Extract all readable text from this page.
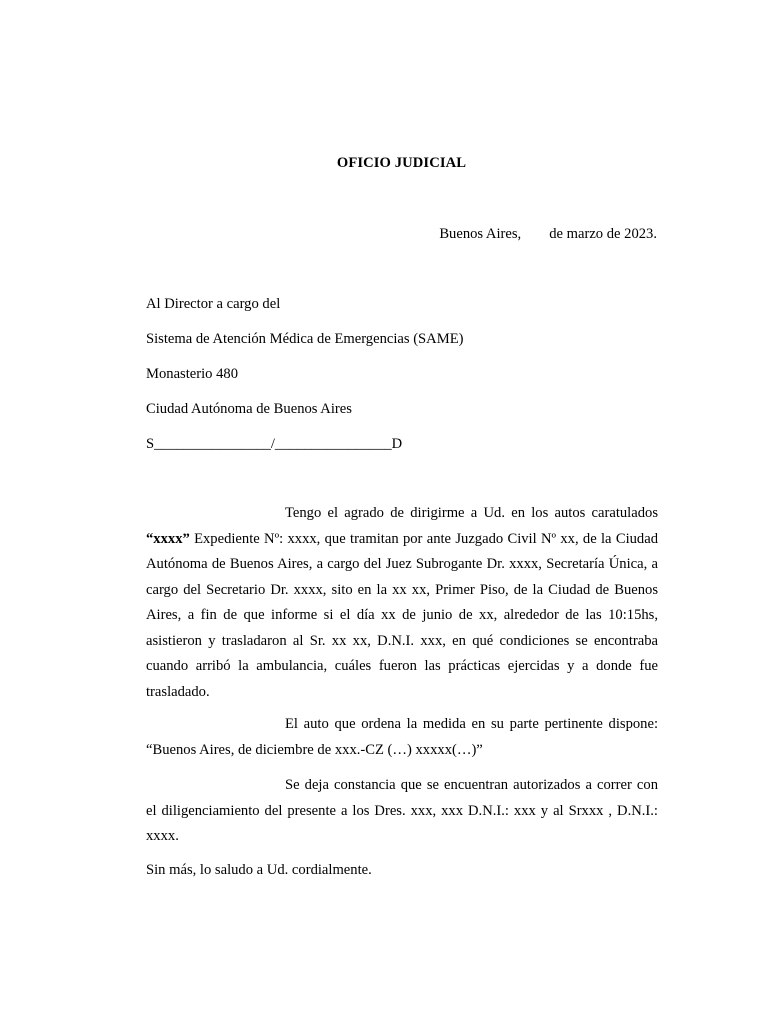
OFICIO JUDICIAL
Buenos Aires, de marzo de 2023.
Al Director a cargo del
Sistema de Atención Médica de Emergencias (SAME)
Monasterio 480
Ciudad Autónoma de Buenos Aires
S________________/________________D
Tengo el agrado de dirigirme a Ud. en los autos caratulados “xxxx” Expediente Nº: xxxx, que tramitan por ante Juzgado Civil Nº xx, de la Ciudad Autónoma de Buenos Aires, a cargo del Juez Subrogante Dr. xxxx, Secretaría Única, a cargo del Secretario Dr. xxxx, sito en la xx xx, Primer Piso, de la Ciudad de Buenos Aires, a fin de que informe si el día xx de junio de xx, alrededor de las 10:15hs, asistieron y trasladaron al Sr. xx xx, D.N.I. xxx, en qué condiciones se encontraba cuando arribó la ambulancia, cuáles fueron las prácticas ejercidas y a donde fue trasladado.
El auto que ordena la medida en su parte pertinente dispone: “Buenos Aires, de diciembre de xxx.-CZ (…) xxxxx(…)”
Se deja constancia que se encuentran autorizados a correr con el diligenciamiento del presente a los Dres. xxx, xxx D.N.I.: xxx y al Srxxx , D.N.I.: xxxx.
Sin más, lo saludo a Ud. cordialmente.
